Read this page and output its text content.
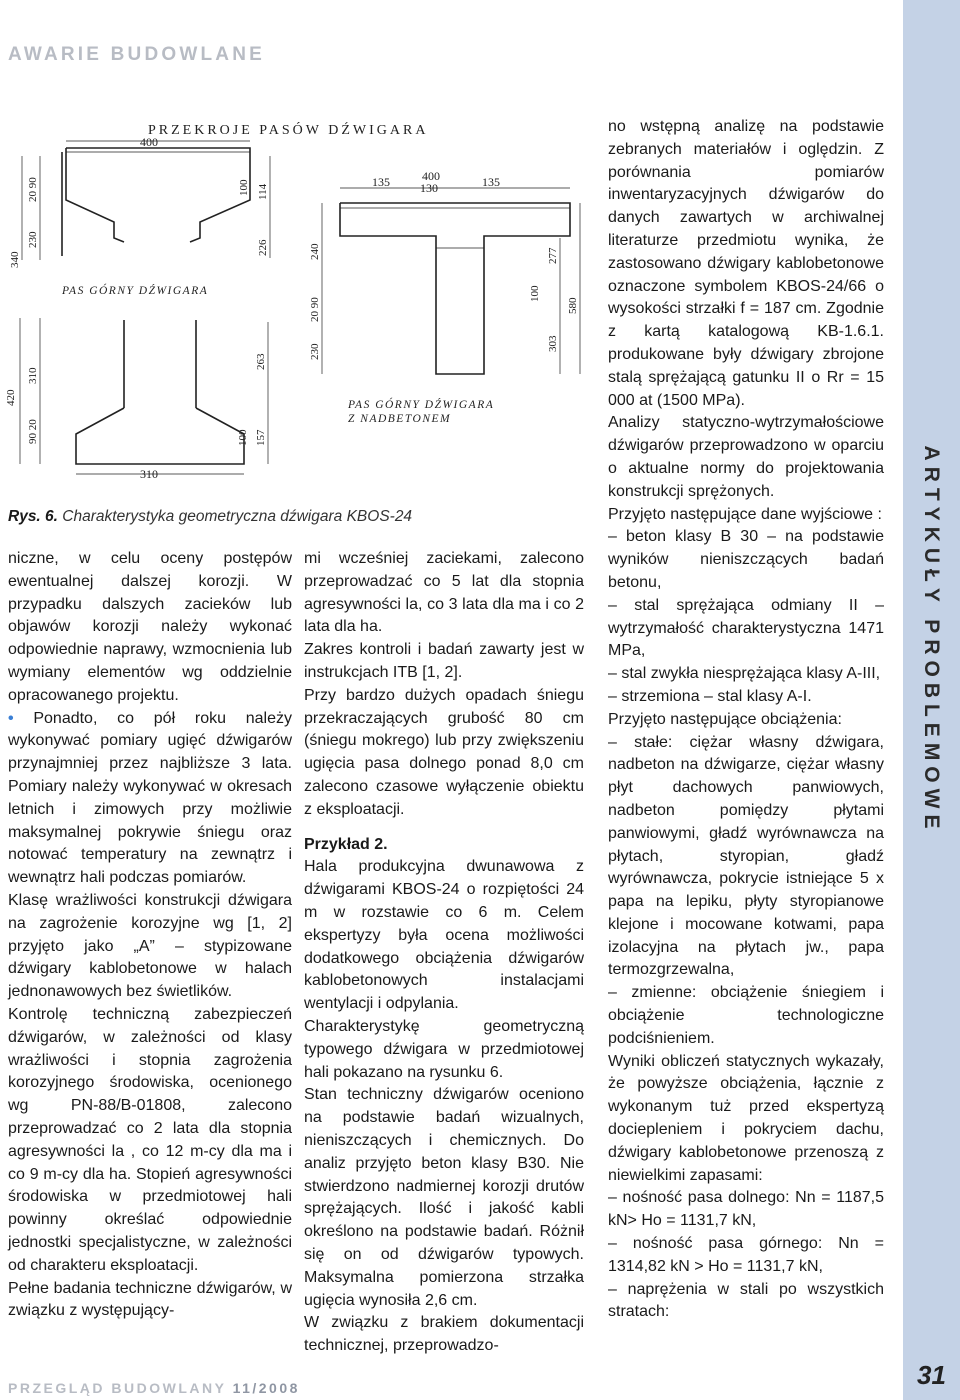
AWARIE BUDOWLANE
ARTYKUŁY PROBLEMOWE
31
PRZEGLĄD BUDOWLANY 11/2008
PRZEKROJE PASÓW DŹWIGARA
400
340
230
20 90	100 114
226
PAS GÓRNY DŹWIGARA
420
310
90 20
263
100 157
310
135	400
130	135
240
20 90
230
100
277
303
580
PAS GÓRNY DŹWIGARA
Z NADBETONEM
Rys. 6. Charakterystyka geometryczna dźwigara KBOS-24

niczne, w celu oceny postępów ewentualnej dalszej korozji. W przypadku dalszych zacieków lub objawów korozji należy wykonać odpowiednie naprawy, wzmocnienia lub wymiany elementów wg oddzielnie opracowanego projektu.

• Ponadto, co pół roku należy wykonywać pomiary ugięć dźwigarów przynajmniej przez najbliższe 3 lata. Pomiary należy wykonywać w okresach letnich i zimowych przy możliwie maksymalnej pokrywie śniegu oraz notować temperatury na zewnątrz i wewnątrz hali podczas pomiarów.

Klasę wrażliwości konstrukcji dźwigara na zagrożenie korozyjne wg [1, 2] przyjęto jako „A” – stypizowane dźwigary kablobetonowe w halach jednonawowych bez świetlików.

Kontrolę techniczną zabezpieczeń dźwigarów, w zależności od klasy wrażliwości i stopnia zagrożenia korozyjnego środowiska, ocenionego wg PN-88/B-01808, zalecono przeprowadzać co 2 lata dla stopnia agresywności la , co 12 m-cy dla ma i co 9 m-cy dla ha. Stopień agresywności środowiska w przedmiotowej hali powinny określać odpowiednie jednostki specjalistyczne, w zależności od charakteru eksploatacji.

Pełne badania techniczne dźwigarów, w związku z występujący-

mi wcześniej zaciekami, zalecono przeprowadzać co 5 lat dla stopnia agresywności la, co 3 lata dla ma i co 2 lata dla ha.

Zakres kontroli i badań zawarty jest w instrukcjach ITB [1, 2].

Przy bardzo dużych opadach śniegu przekraczających grubość 80 cm (śniegu mokrego) lub przy zwiększeniu ugięcia pasa dolnego ponad 8,0 cm zalecono czasowe wyłączenie obiektu z eksploatacji.

Przykład 2.

Hala produkcyjna dwunawowa z dźwigarami KBOS-24 o rozpiętości 24 m w rozstawie co 6 m. Celem ekspertyzy była ocena możliwości dodatkowego obciążenia dźwigarów kablobetonowych instalacjami wentylacji i odpylania.

Charakterystykę geometryczną typowego dźwigara w przedmiotowej hali pokazano na rysunku 6.

Stan techniczny dźwigarów oceniono na podstawie badań wizualnych, nieniszczących i chemicznych. Do analiz przyjęto beton klasy B30. Nie stwierdzono nadmiernej korozji drutów sprężających. Ilość i jakość kabli określono na podstawie badań. Różnił się on od dźwigarów typowych. Maksymalna pomierzona strzałka ugięcia wynosiła 2,6 cm.

W związku z brakiem dokumentacji technicznej, przeprowadzo-

no wstępną analizę na podstawie zebranych materiałów i oględzin. Z porównania pomiarów inwentaryzacyjnych dźwigarów do danych zawartych w archiwalnej literaturze przedmiotu wynika, że zastosowano dźwigary kablobetonowe oznaczone symbolem KBOS-24/66 o wysokości strzałki f = 187 cm. Zgodnie z kartą katalogową KB-1.6.1. produkowane były dźwigary zbrojone stalą sprężającą gatunku II o Rr = 15 000 at (1500 MPa).

Analizy statyczno-wytrzymałościowe dźwigarów przeprowadzono w oparciu o aktualne normy do projektowania konstrukcji sprężonych.

Przyjęto następujące dane wyjściowe :

– beton klasy B 30 – na podstawie wyników nieniszczących badań betonu,

– stal sprężająca odmiany II – wytrzymałość charakterystyczna 1471 MPa,

– stal zwykła niesprężająca klasy A-III,

– strzemiona – stal klasy A-I.

Przyjęto następujące obciążenia:

– stałe: ciężar własny dźwigara, nadbeton na dźwigarze, ciężar własny płyt dachowych panwiowych, nadbeton pomiędzy płytami panwiowymi, gładź wyrównawcza na płytach, styropian, gładź wyrównawcza, pokrycie istniejące 5 x papa na lepiku, płyty styropianowe klejone i mocowane kotwami, papa izolacyjna na płytach jw., papa termozgrzewalna,

– zmienne: obciążenie śniegiem i obciążenie technologiczne podciśnieniem.

Wyniki obliczeń statycznych wykazały, że powyższe obciążenia, łącznie z wykonanym tuż przed ekspertyzą dociepleniem i pokryciem dachu, dźwigary kablobetonowe przenoszą z niewielkimi zapasami:

– nośność pasa dolnego: Nn = 1187,5 kN> Ho = 1131,7 kN,

– nośność pasa górnego: Nn = 1314,82 kN > Ho = 1131,7 kN,

– naprężenia w stali po wszystkich stratach:
